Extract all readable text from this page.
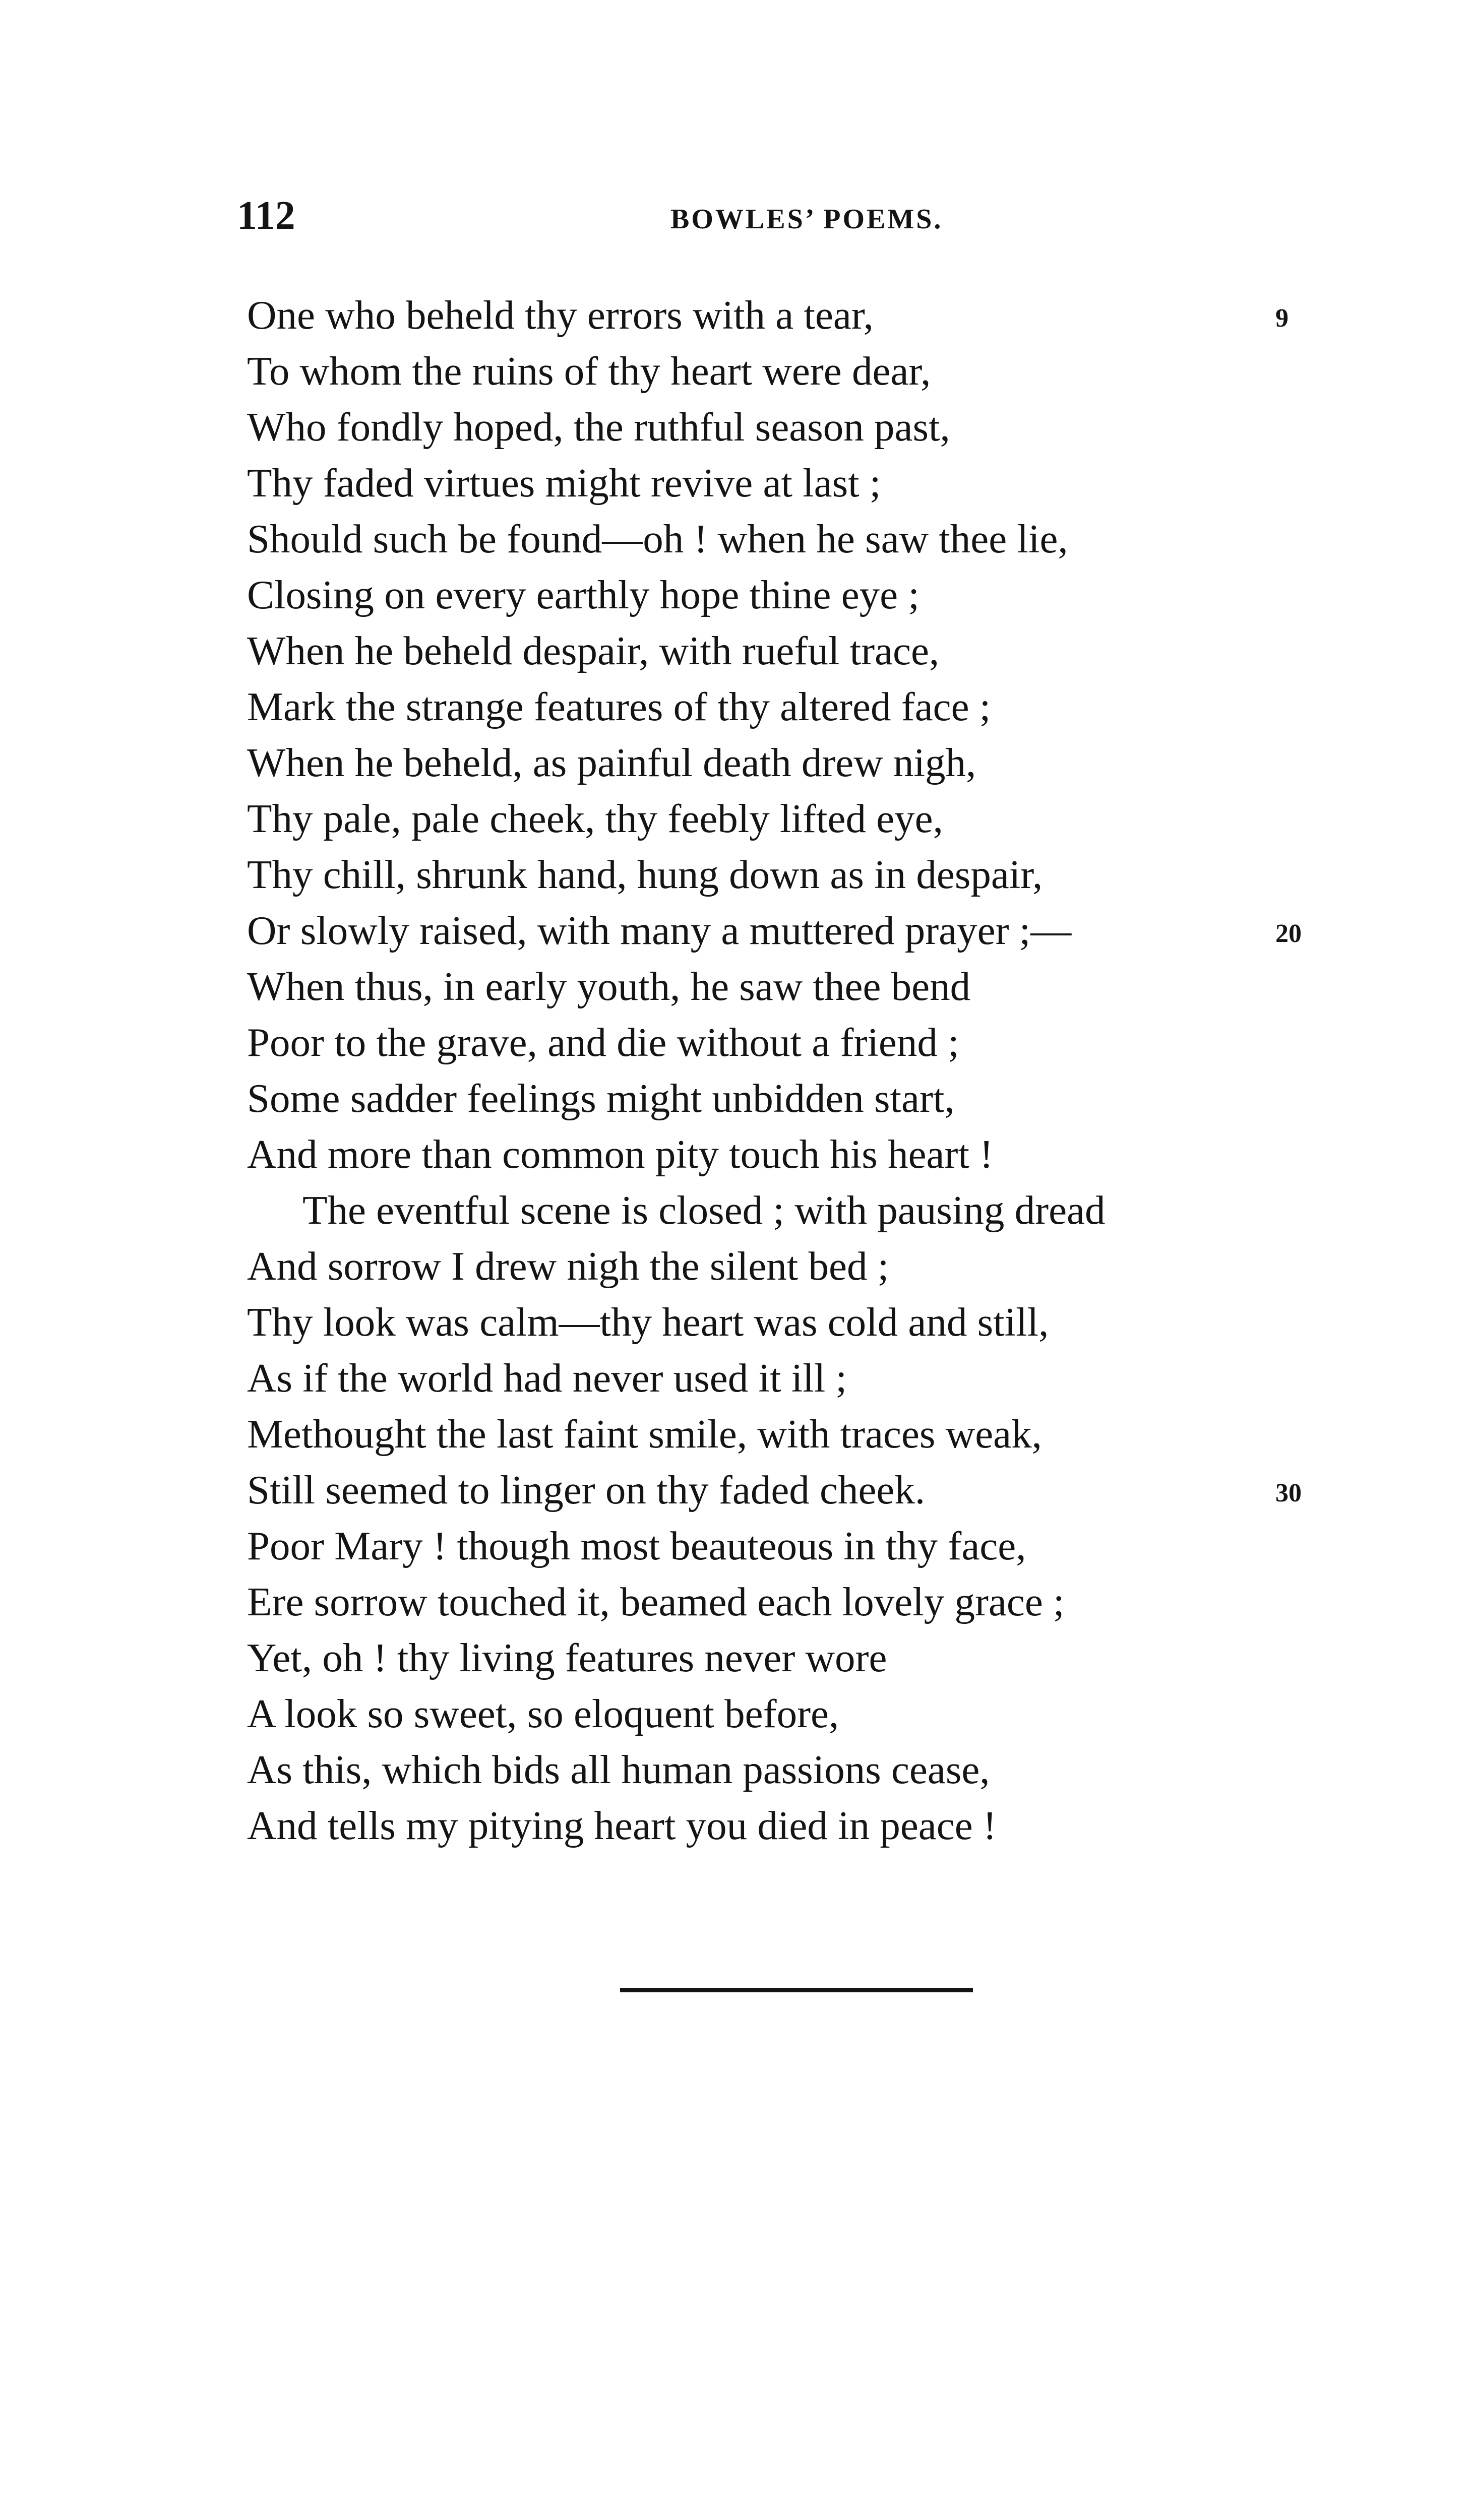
112	BOWLES’ POEMS.
One who beheld thy errors with a tear,	9
To whom the ruins of thy heart were dear,
Who fondly hoped, the ruthful season past,
Thy faded virtues might revive at last ;
Should such be found—oh ! when he saw thee lie,
Closing on every earthly hope thine eye ;
When he beheld despair, with rueful trace,
Mark the strange features of thy altered face ;
When he beheld, as painful death drew nigh,
Thy pale, pale cheek, thy feebly lifted eye,
Thy chill, shrunk hand, hung down as in despair,
Or slowly raised, with many a muttered prayer ;—	20
When thus, in early youth, he saw thee bend
Poor to the grave, and die without a friend ;
Some sadder feelings might unbidden start,
And more than common pity touch his heart !
The eventful scene is closed ; with pausing dread
And sorrow I drew nigh the silent bed ;
Thy look was calm—thy heart was cold and still,
As if the world had never used it ill ;
Methought the last faint smile, with traces weak,
Still seemed to linger on thy faded cheek.	30
Poor Mary ! though most beauteous in thy face,
Ere sorrow touched it, beamed each lovely grace ;
Yet, oh ! thy living features never wore
A look so sweet, so eloquent before,
As this, which bids all human passions cease,
And tells my pitying heart you died in peace !
